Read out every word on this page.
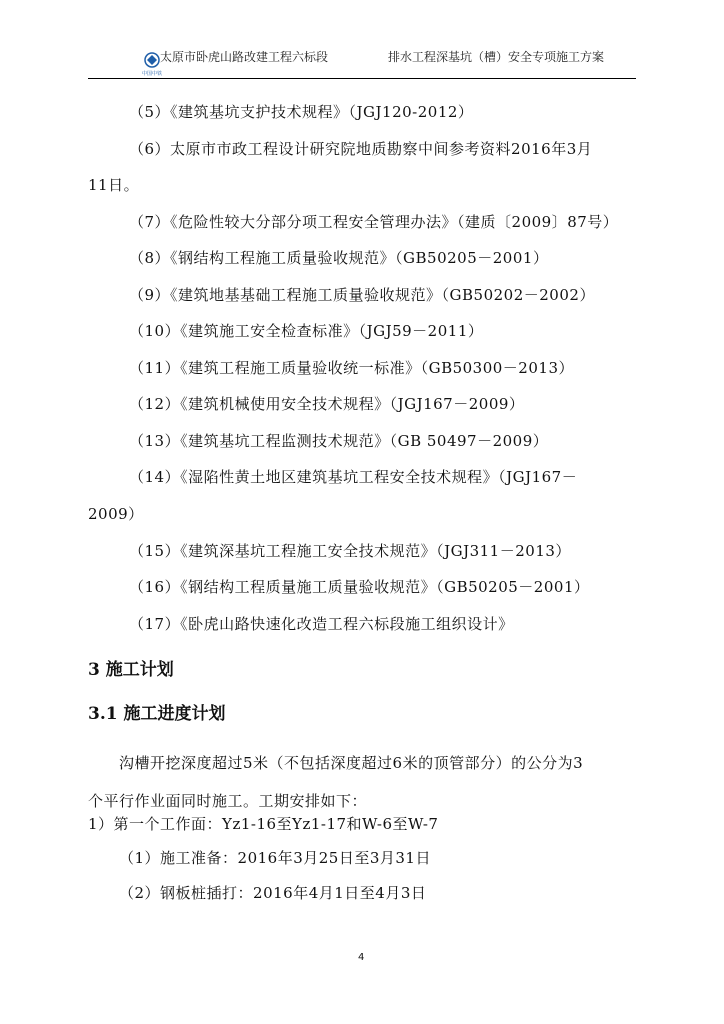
中国中铁
太原市卧虎山路改建工程六标段	排水工程深基坑（槽）安全专项施工方案
（5）《建筑基坑支护技术规程》（JGJ120-2012）
（6）太原市市政工程设计研究院地质勘察中间参考资料2016年3月
11日。
（7）《危险性较大分部分项工程安全管理办法》（建质〔2009〕87号）
（8）《钢结构工程施工质量验收规范》（GB50205－2001）
（9）《建筑地基基础工程施工质量验收规范》（GB50202－2002）
（10）《建筑施工安全检查标准》（JGJ59－2011）
（11）《建筑工程施工质量验收统一标准》（GB50300－2013）
（12）《建筑机械使用安全技术规程》（JGJ167－2009）
（13）《建筑基坑工程监测技术规范》（GB 50497－2009）
（14）《湿陷性黄土地区建筑基坑工程安全技术规程》（JGJ167－
2009）
（15）《建筑深基坑工程施工安全技术规范》（JGJ311－2013）
（16）《钢结构工程质量施工质量验收规范》（GB50205－2001）
（17）《卧虎山路快速化改造工程六标段施工组织设计》
3 施工计划
3.1 施工进度计划
沟槽开挖深度超过5米（不包括深度超过6米的顶管部分）的公分为3
个平行作业面同时施工。工期安排如下：
1）第一个工作面：Yz1-16至Yz1-17和W-6至W-7
（1）施工准备：2016年3月25日至3月31日
（2）钢板桩插打：2016年4月1日至4月3日
4
